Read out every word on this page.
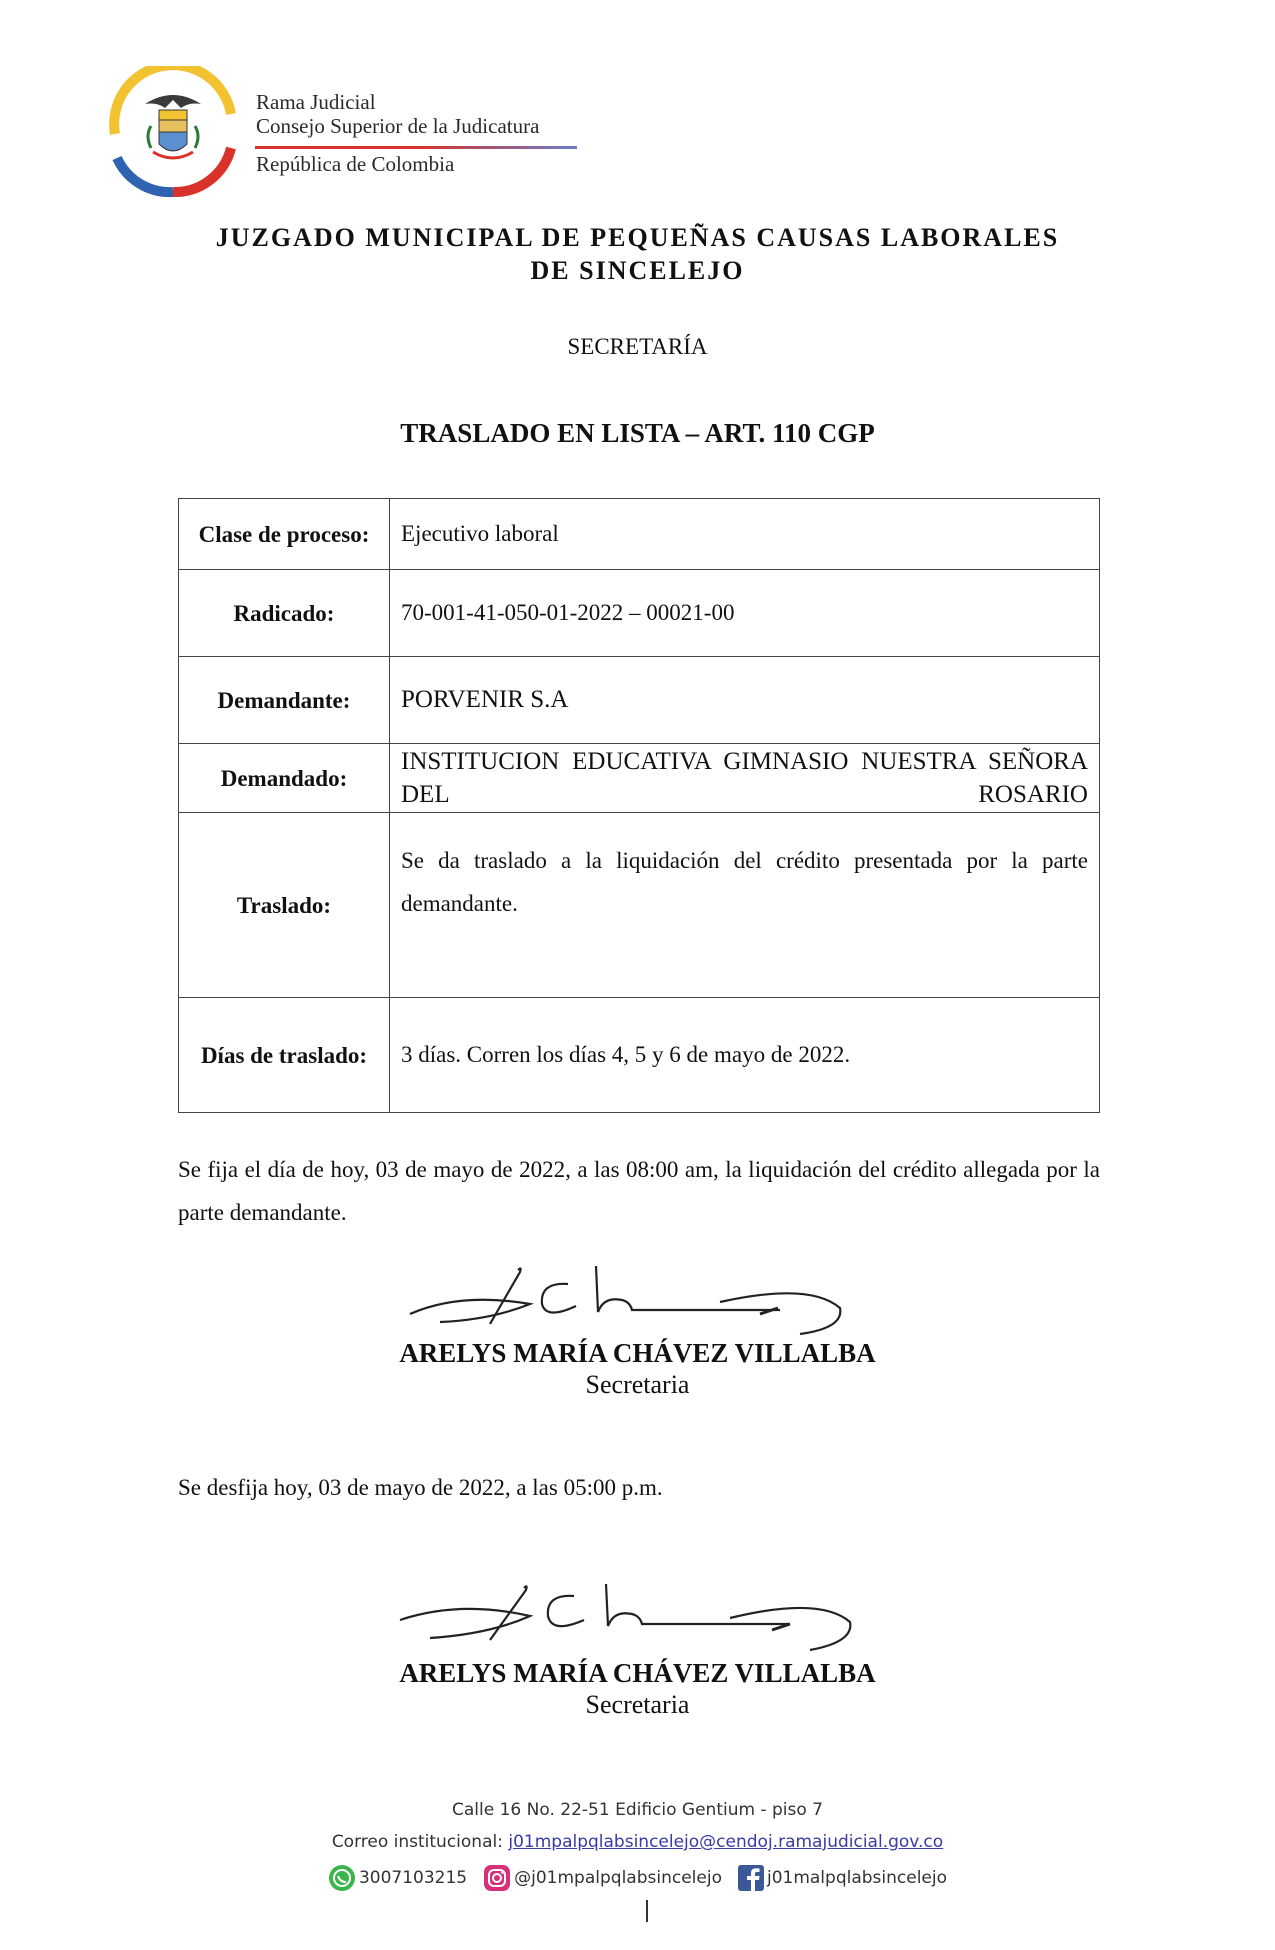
Rama Judicial
Consejo Superior de la Judicatura
República de Colombia
JUZGADO MUNICIPAL DE PEQUEÑAS CAUSAS LABORALES
DE SINCELEJO
SECRETARÍA
TRASLADO EN LISTA – ART. 110 CGP
Clase de proceso:	Ejecutivo laboral
Radicado:	70-001-41-050-01-2022 – 00021-00
Demandante:	PORVENIR S.A
Demandado:	INSTITUCION EDUCATIVA GIMNASIO NUESTRA SEÑORA DEL ROSARIO
Traslado:	Se da traslado a la liquidación del crédito presentada por la parte demandante.
Días de traslado:	3 días. Corren los días 4, 5 y 6 de mayo de 2022.
Se fija el día de hoy, 03 de mayo de 2022, a las 08:00 am, la liquidación del crédito allegada por la parte demandante.
ARELYS MARÍA CHÁVEZ VILLALBA
Secretaria
Se desfija hoy, 03 de mayo de 2022, a las 05:00 p.m.
ARELYS MARÍA CHÁVEZ VILLALBA
Secretaria
Calle 16 No. 22-51 Edificio Gentium - piso 7
Correo institucional: j01mpalpqlabsincelejo@cendoj.ramajudicial.gov.co
3007103215	@j01mpalpqlabsincelejo	j01malpqlabsincelejo
